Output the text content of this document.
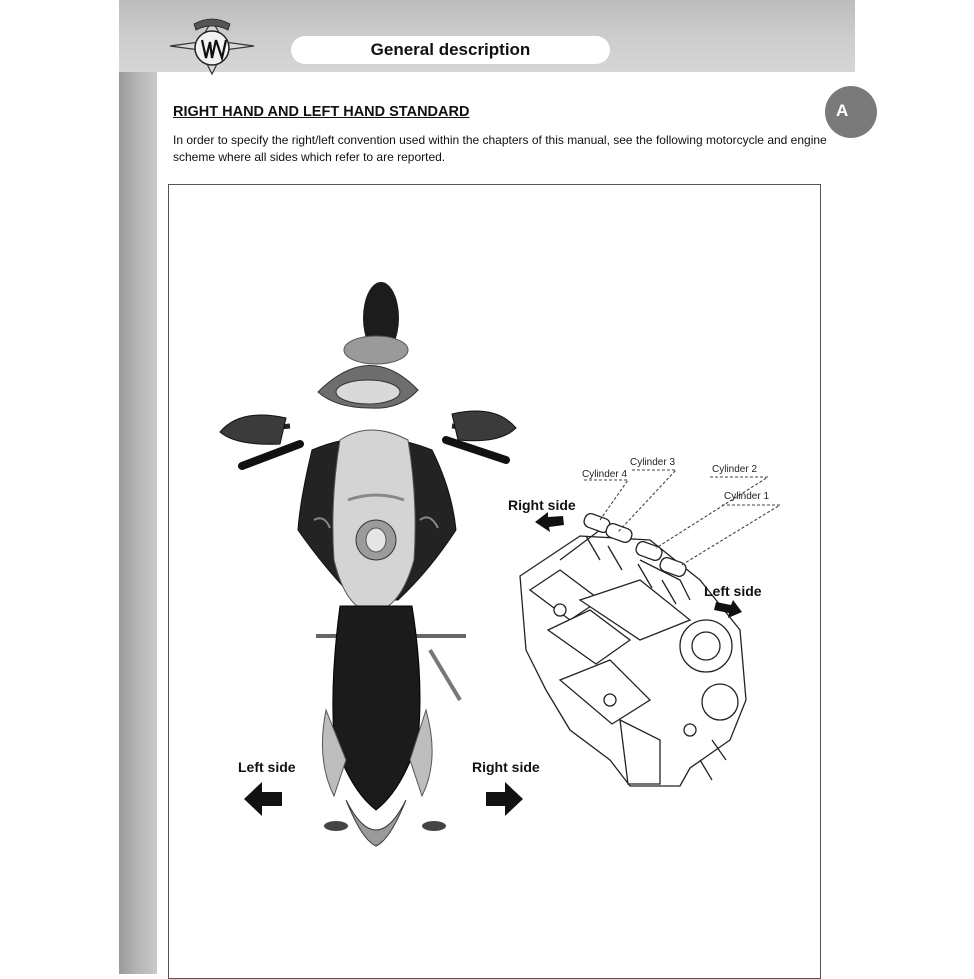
General description
A
RIGHT HAND AND LEFT HAND STANDARD
In order to specify the right/left convention used within the chapters of this manual, see the following motorcycle and engine scheme where all sides which refer to are reported.
Left side	Right side
Right side
Left side
Cylinder 4
Cylinder 3
Cylinder 2
Cylinder 1
